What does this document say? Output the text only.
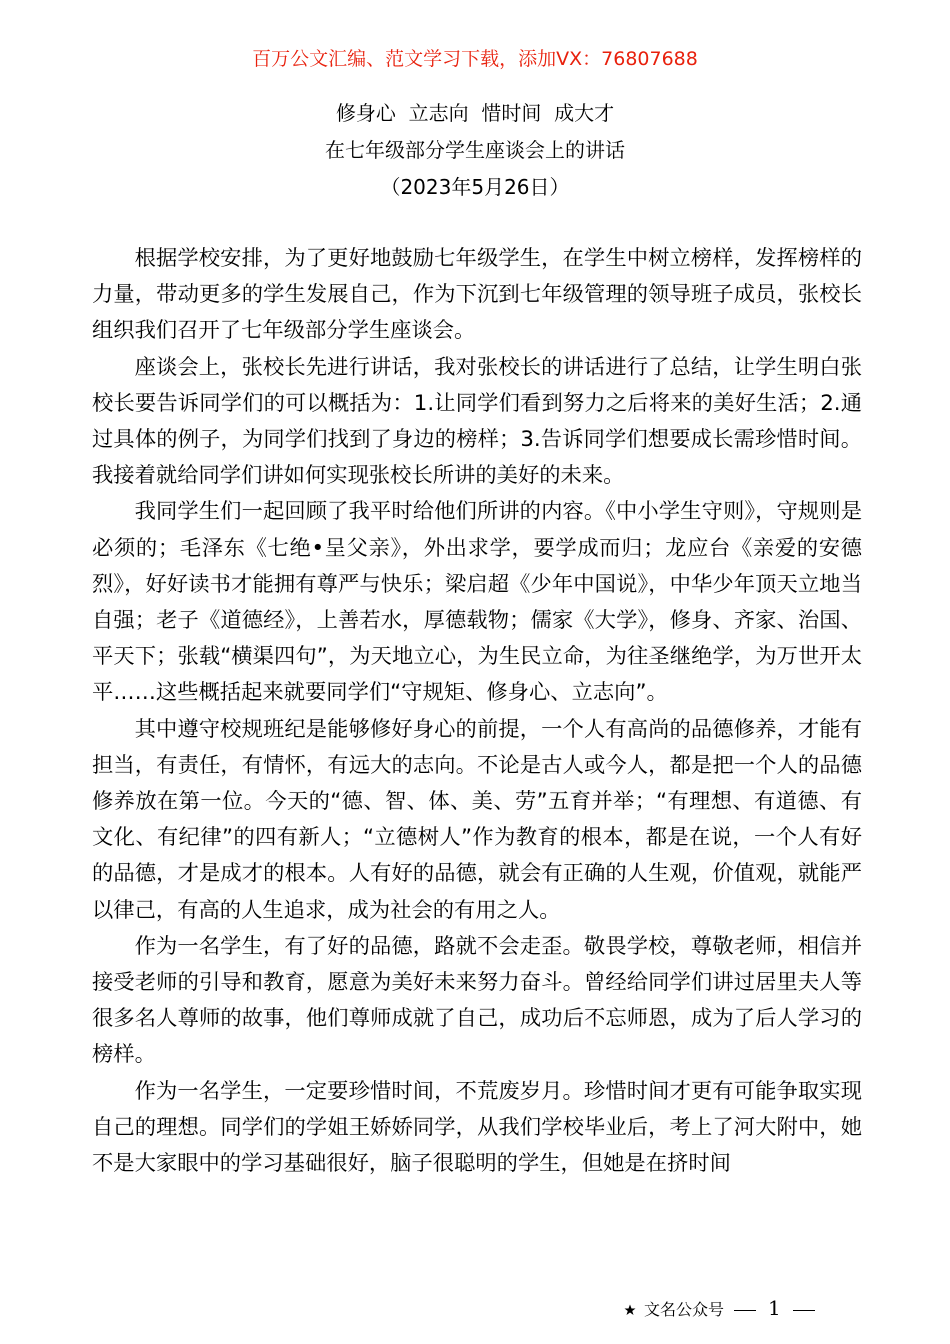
百万公文汇编、范文学习下载，添加VX：76807688
修身心  立志向  惜时间  成大才
在七年级部分学生座谈会上的讲话
（2023年5月26日）

根据学校安排，为了更好地鼓励七年级学生，在学生中树立榜样，发挥榜样的力量，带动更多的学生发展自己，作为下沉到七年级管理的领导班子成员，张校长组织我们召开了七年级部分学生座谈会。

座谈会上，张校长先进行讲话，我对张校长的讲话进行了总结，让学生明白张校长要告诉同学们的可以概括为：1.让同学们看到努力之后将来的美好生活；2.通过具体的例子，为同学们找到了身边的榜样；3.告诉同学们想要成长需珍惜时间。我接着就给同学们讲如何实现张校长所讲的美好的未来。

我同学生们一起回顾了我平时给他们所讲的内容。《中小学生守则》，守规则是必须的；毛泽东《七绝•呈父亲》，外出求学，要学成而归；龙应台《亲爱的安德烈》，好好读书才能拥有尊严与快乐；梁启超《少年中国说》，中华少年顶天立地当自强；老子《道德经》，上善若水，厚德载物；儒家《大学》，修身、齐家、治国、平天下；张载“横渠四句”，为天地立心，为生民立命，为往圣继绝学，为万世开太平……这些概括起来就要同学们“守规矩、修身心、立志向”。

其中遵守校规班纪是能够修好身心的前提，一个人有高尚的品德修养，才能有担当，有责任，有情怀，有远大的志向。不论是古人或今人，都是把一个人的品德修养放在第一位。今天的“德、智、体、美、劳”五育并举；“有理想、有道德、有文化、有纪律”的四有新人；“立德树人”作为教育的根本，都是在说，一个人有好的品德，才是成才的根本。人有好的品德，就会有正确的人生观，价值观，就能严以律己，有高的人生追求，成为社会的有用之人。

作为一名学生，有了好的品德，路就不会走歪。敬畏学校，尊敬老师，相信并接受老师的引导和教育，愿意为美好未来努力奋斗。曾经给同学们讲过居里夫人等很多名人尊师的故事，他们尊师成就了自己，成功后不忘师恩，成为了后人学习的榜样。

作为一名学生，一定要珍惜时间，不荒废岁月。珍惜时间才更有可能争取实现自己的理想。同学们的学姐王娇娇同学，从我们学校毕业后，考上了河大附中，她不是大家眼中的学习基础很好，脑子很聪明的学生，但她是在挤时间

文名公众号 1
